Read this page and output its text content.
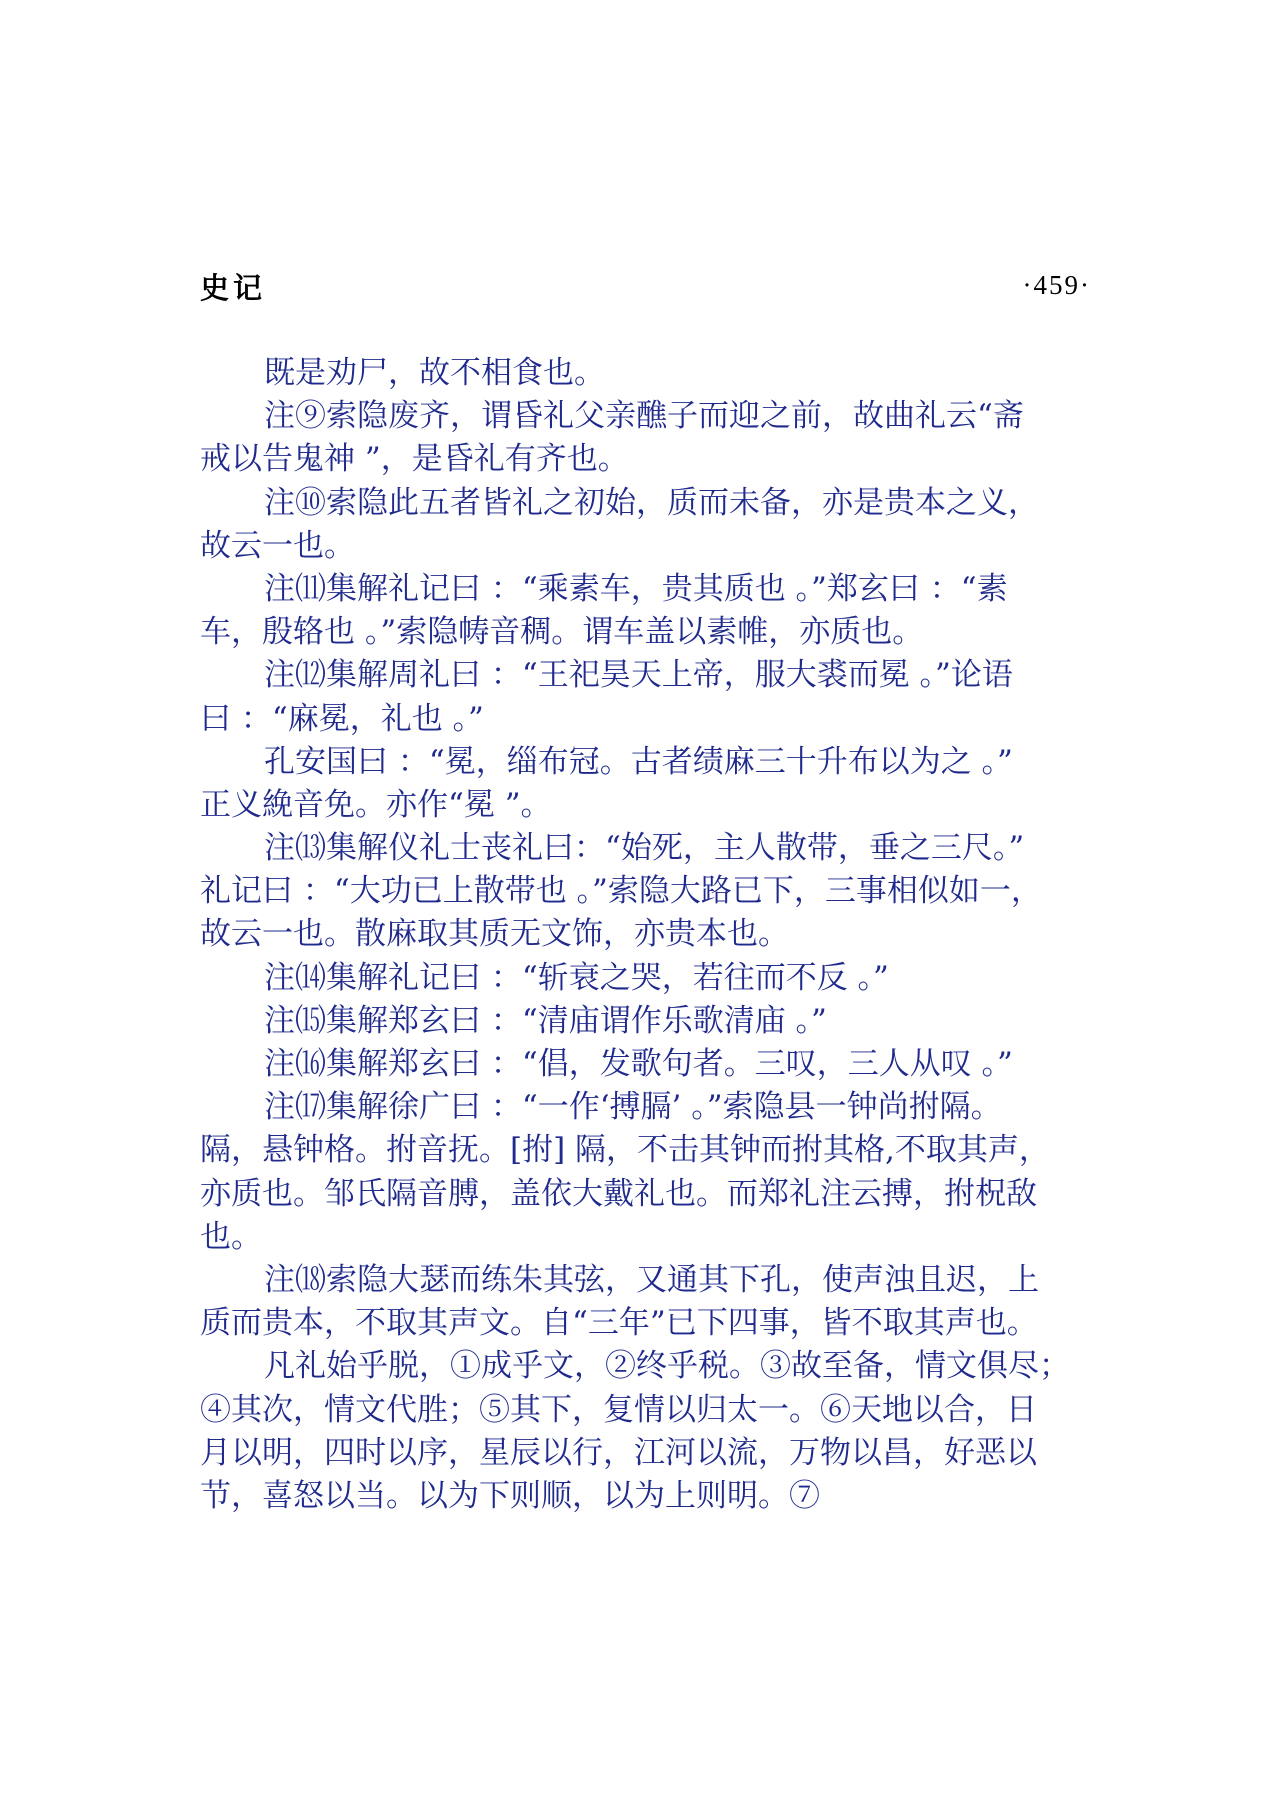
史记	·459·
既是劝尸，故不相食也。
注⑨索隐废齐，谓昏礼父亲醮子而迎之前，故曲礼云“斋
戒以告鬼神 ”，是昏礼有齐也。
注⑩索隐此五者皆礼之初始，质而未备，亦是贵本之义，
故云一也。
注⑾集解礼记曰 ：“乘素车，贵其质也 。”郑玄曰 ：“素
车，殷辂也 。”索隐帱音稠。谓车盖以素帷，亦质也。
注⑿集解周礼曰 ：“王祀昊天上帝，服大裘而冕 。”论语
曰 ：“麻冕，礼也 。”
孔安国曰 ：“冕，缁布冠。古者绩麻三十升布以为之 。”
正义絻音免。亦作“冕 ”。
注⒀集解仪礼士丧礼曰：“始死，主人散带，垂之三尺。”
礼记曰 ：“大功已上散带也 。”索隐大路已下，三事相似如一，
故云一也。散麻取其质无文饰，亦贵本也。
注⒁集解礼记曰 ：“斩衰之哭，若往而不反 。”
注⒂集解郑玄曰 ：“清庙谓作乐歌清庙 。”
注⒃集解郑玄曰 ：“倡，发歌句者。三叹，三人从叹 。”
注⒄集解徐广曰 ：“一作‘搏膈’ 。”索隐县一钟尚拊隔。
隔，悬钟格。拊音抚。[拊] 隔，不击其钟而拊其格,不取其声，
亦质也。邹氏隔音膊，盖依大戴礼也。而郑礼注云搏，拊柷敌
也。
注⒅索隐大瑟而练朱其弦，又通其下孔，使声浊且迟，上
质而贵本，不取其声文。自“三年”已下四事，皆不取其声也。
凡礼始乎脱，①成乎文，②终乎税。③故至备，情文俱尽；
④其次，情文代胜；⑤其下，复情以归太一。⑥天地以合，日
月以明，四时以序，星辰以行，江河以流，万物以昌，好恶以
节，喜怒以当。以为下则顺，以为上则明。⑦
